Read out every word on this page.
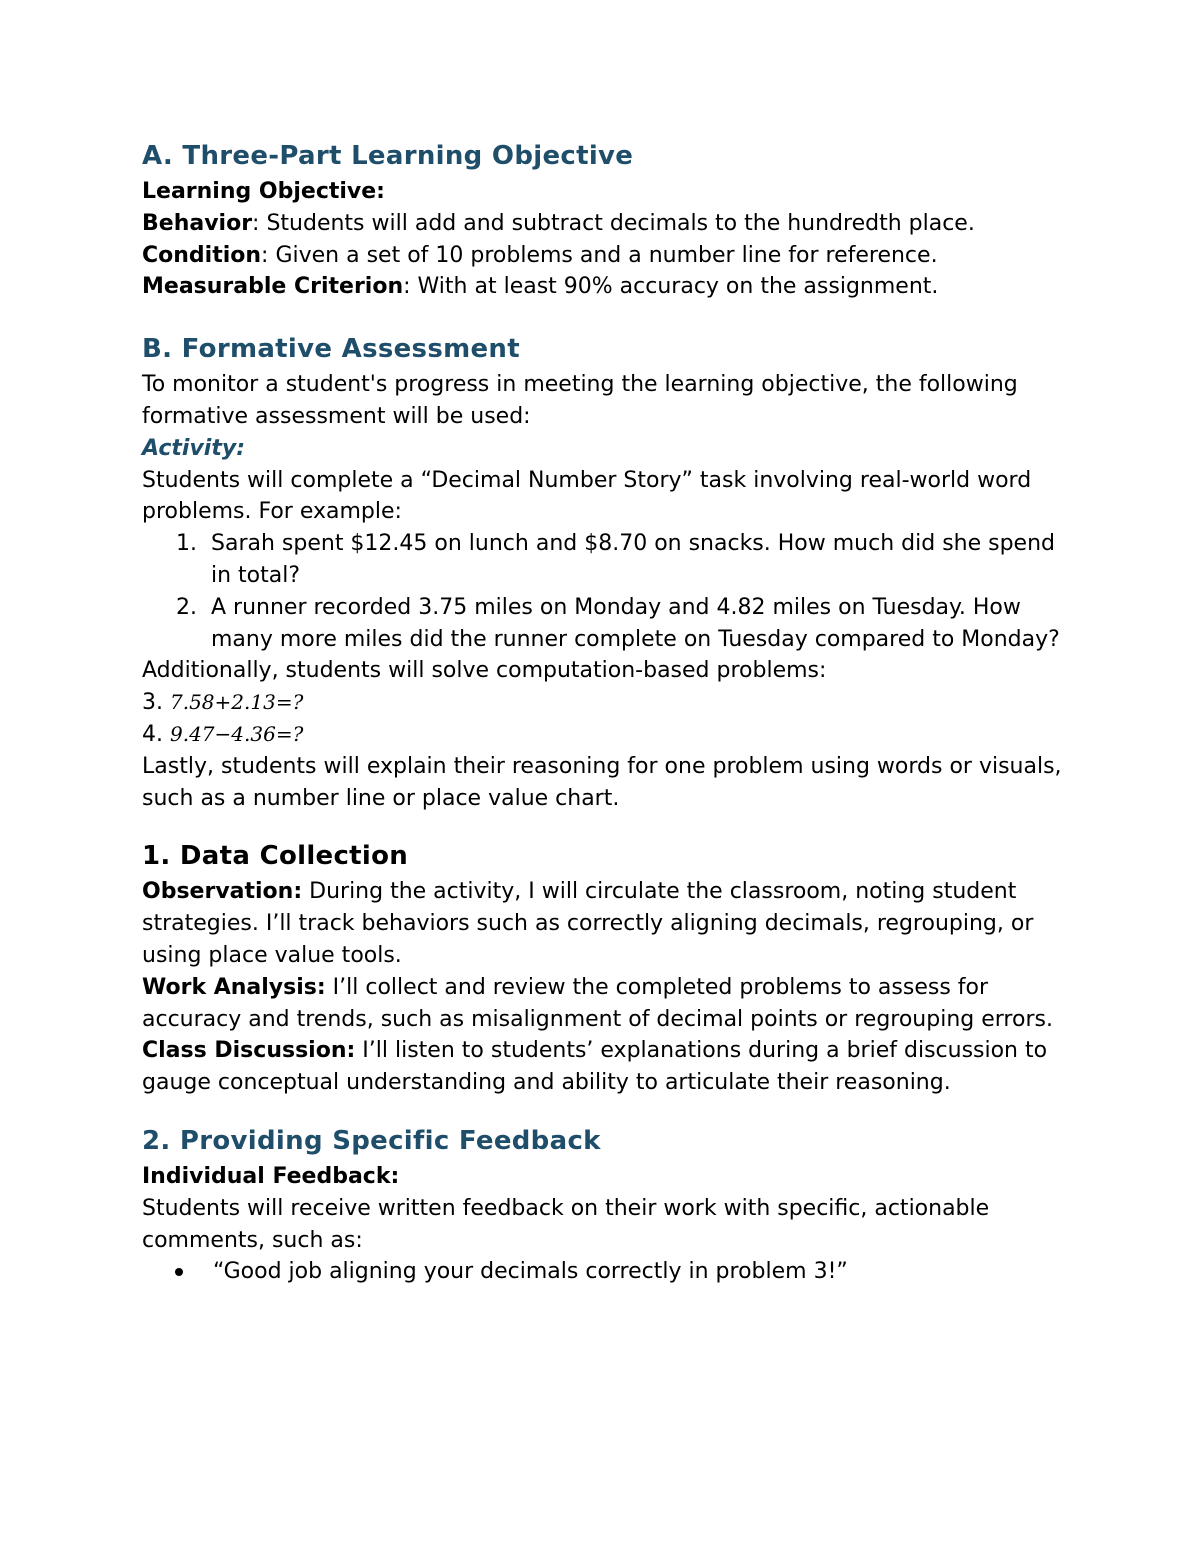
A. Three-Part Learning Objective

Learning Objective:

Behavior: Students will add and subtract decimals to the hundredth place.

Condition: Given a set of 10 problems and a number line for reference.

Measurable Criterion: With at least 90% accuracy on the assignment.

B. Formative Assessment

To monitor a student's progress in meeting the learning objective, the following formative assessment will be used:

Activity:

Students will complete a “Decimal Number Story” task involving real-world word problems. For example:

1. Sarah spent $12.45 on lunch and $8.70 on snacks. How much did she spend in total?
2. A runner recorded 3.75 miles on Monday and 4.82 miles on Tuesday. How many more miles did the runner complete on Tuesday compared to Monday?

Additionally, students will solve computation-based problems:

3. 7.58+2.13=?

4. 9.47−4.36=?

Lastly, students will explain their reasoning for one problem using words or visuals, such as a number line or place value chart.

1. Data Collection

Observation: During the activity, I will circulate the classroom, noting student strategies. I’ll track behaviors such as correctly aligning decimals, regrouping, or using place value tools.

Work Analysis: I’ll collect and review the completed problems to assess for accuracy and trends, such as misalignment of decimal points or regrouping errors.

Class Discussion: I’ll listen to students’ explanations during a brief discussion to gauge conceptual understanding and ability to articulate their reasoning.

2. Providing Specific Feedback

Individual Feedback:

Students will receive written feedback on their work with specific, actionable comments, such as:

“Good job aligning your decimals correctly in problem 3!”
